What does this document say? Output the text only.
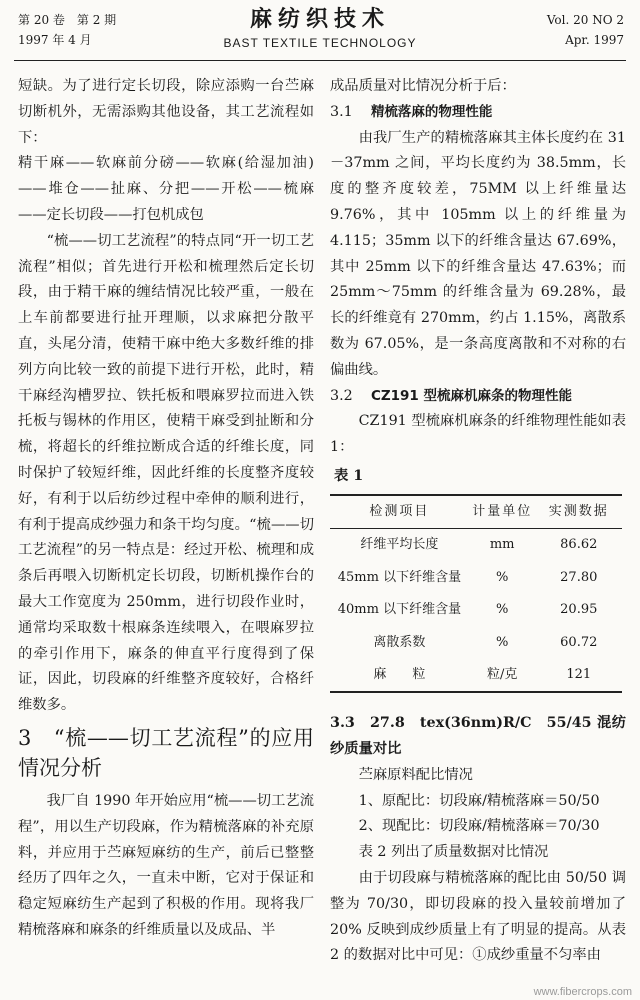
第 20 卷　第 2 期
1997 年 4 月
麻纺织技术
BAST TEXTILE TECHNOLOGY
Vol. 20 NO 2
Apr. 1997

短缺。为了进行定长切段，除应添购一台苎麻切断机外，无需添购其他设备，其工艺流程如下：

精干麻——软麻前分磅——软麻(给湿加油)——堆仓——扯麻、分把——开松——梳麻——定长切段——打包机成包

“梳——切工艺流程”的特点同“开一切工艺流程”相似；首先进行开松和梳理然后定长切段，由于精干麻的缠结情况比较严重，一般在上车前都要进行扯开理顺，以求麻把分散平直，头尾分清，使精干麻中绝大多数纤维的排列方向比较一致的前提下进行开松，此时，精干麻经沟槽罗拉、铁托板和喂麻罗拉而进入铁托板与锡林的作用区，使精干麻受到扯断和分梳，将超长的纤维拉断成合适的纤维长度，同时保护了较短纤维，因此纤维的长度整齐度较好，有利于以后纺纱过程中牵伸的顺利进行，有利于提高成纱强力和条干均匀度。“梳——切工艺流程”的另一特点是：经过开松、梳理和成条后再喂入切断机定长切段，切断机操作台的最大工作宽度为 250mm，进行切段作业时，通常均采取数十根麻条连续喂入，在喂麻罗拉的牵引作用下，麻条的伸直平行度得到了保证，因此，切段麻的纤维整齐度较好，合格纤维数多。

3　“梳——切工艺流程”的应用情况分析

我厂自 1990 年开始应用“梳——切工艺流程”，用以生产切段麻，作为精梳落麻的补充原料，并应用于苎麻短麻纺的生产，前后已整整经历了四年之久，一直未中断，它对于保证和稳定短麻纺生产起到了积极的作用。现将我厂精梳落麻和麻条的纤维质量以及成品、半

成品质量对比情况分析于后：

3.1 精梳落麻的物理性能

由我厂生产的精梳落麻其主体长度约在 31－37mm 之间，平均长度约为 38.5mm，长度的整齐度较差，75MM 以上纤维量达 9.76%，其中 105mm 以上的纤维量为 4.115；35mm 以下的纤维含量达 67.69%，其中 25mm 以下的纤维含量达 47.63%；而 25mm～75mm 的纤维含量为 69.28%，最长的纤维竟有 270mm，约占 1.15%，离散系数为 67.05%，是一条高度离散和不对称的右偏曲线。

3.2 CZ191 型梳麻机麻条的物理性能

CZ191 型梳麻机麻条的纤维物理性能如表 1：

表 1
检测项目	计量单位	实测数据
纤维平均长度	mm	86.62
45mm 以下纤维含量	%	27.80
40mm 以下纤维含量	%	20.95
离散系数	%	60.72
麻　　粒	粒/克	121

3.3　27.8　tex(36nm)R/C　55/45 混纺纱质量对比

苎麻原料配比情况

1、原配比：切段麻/精梳落麻＝50/50

2、现配比：切段麻/精梳落麻＝70/30

表 2 列出了质量数据对比情况

由于切段麻与精梳落麻的配比由 50/50 调整为 70/30，即切段麻的投入量较前增加了 20% 反映到成纱质量上有了明显的提高。从表 2 的数据对比中可见：①成纱重量不匀率由

www.fibercrops.com
